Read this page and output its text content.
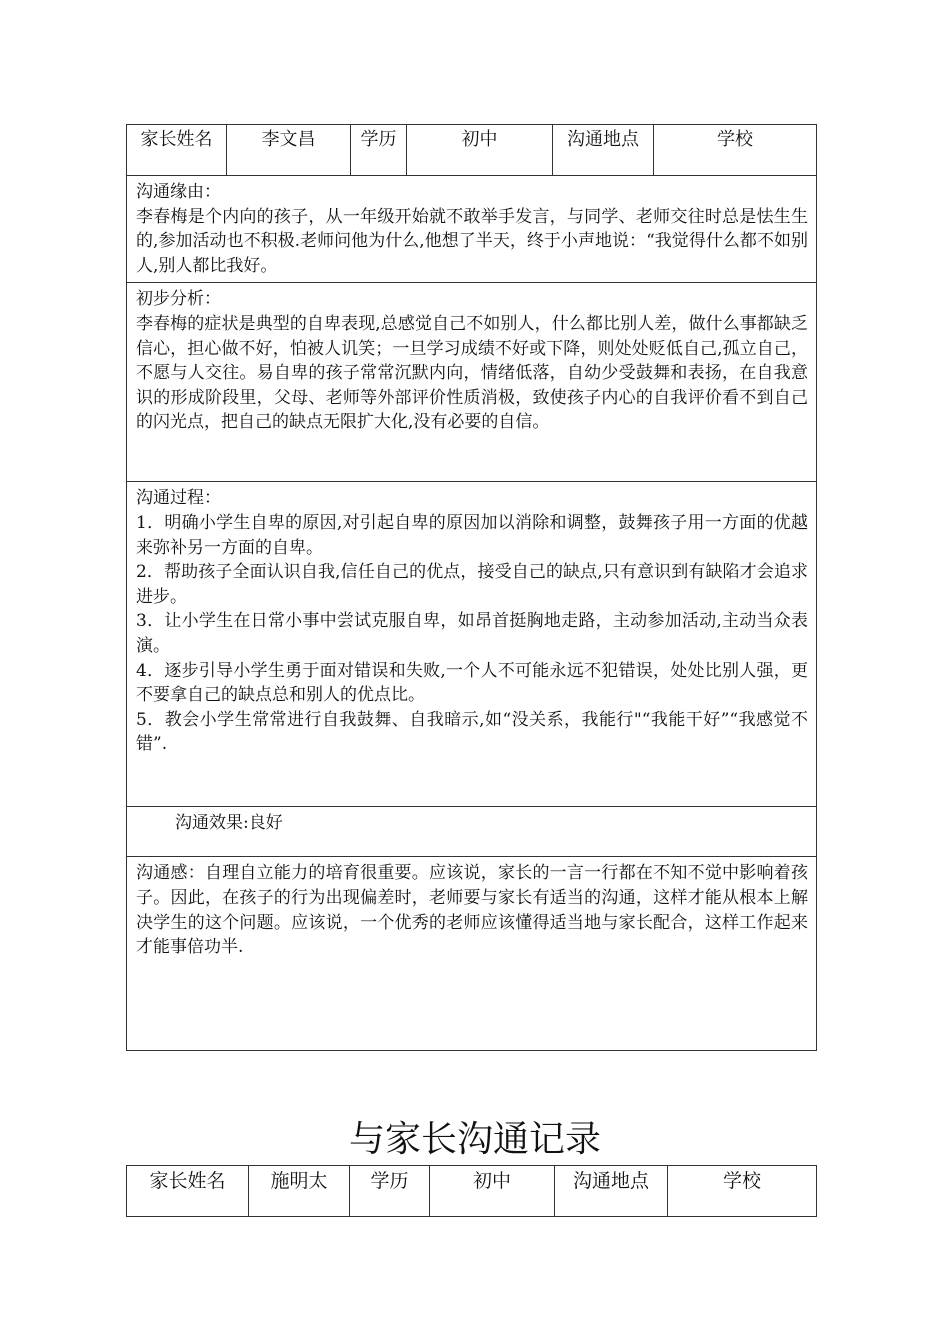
家长姓名	李文昌	学历	初中	沟通地点	学校

沟通缘由：

李春梅是个内向的孩子，从一年级开始就不敢举手发言，与同学、老师交往时总是怯生生的,参加活动也不积极.老师问他为什么,他想了半天，终于小声地说：“我觉得什么都不如别人,别人都比我好。

初步分析：

李春梅的症状是典型的自卑表现,总感觉自己不如别人，什么都比别人差，做什么事都缺乏信心，担心做不好，怕被人讥笑；一旦学习成绩不好或下降，则处处贬低自己,孤立自己，不愿与人交往。易自卑的孩子常常沉默内向，情绪低落，自幼少受鼓舞和表扬，在自我意识的形成阶段里，父母、老师等外部评价性质消极，致使孩子内心的自我评价看不到自己的闪光点，把自己的缺点无限扩大化,没有必要的自信。

沟通过程：

1．明确小学生自卑的原因,对引起自卑的原因加以消除和调整，鼓舞孩子用一方面的优越来弥补另一方面的自卑。

2．帮助孩子全面认识自我,信任自己的优点，接受自己的缺点,只有意识到有缺陷才会追求进步。

3．让小学生在日常小事中尝试克服自卑，如昂首挺胸地走路，主动参加活动,主动当众表演。

4．逐步引导小学生勇于面对错误和失败,一个人不可能永远不犯错误，处处比别人强，更不要拿自己的缺点总和别人的优点比。

5．教会小学生常常进行自我鼓舞、自我暗示,如“没关系，我能行"“我能干好”“我感觉不错”.

沟通效果:良好

沟通感：自理自立能力的培育很重要。应该说，家长的一言一行都在不知不觉中影响着孩子。因此，在孩子的行为出现偏差时，老师要与家长有适当的沟通，这样才能从根本上解决学生的这个问题。应该说，一个优秀的老师应该懂得适当地与家长配合，这样工作起来才能事倍功半.

与家长沟通记录
家长姓名	施明太	学历	初中	沟通地点	学校
